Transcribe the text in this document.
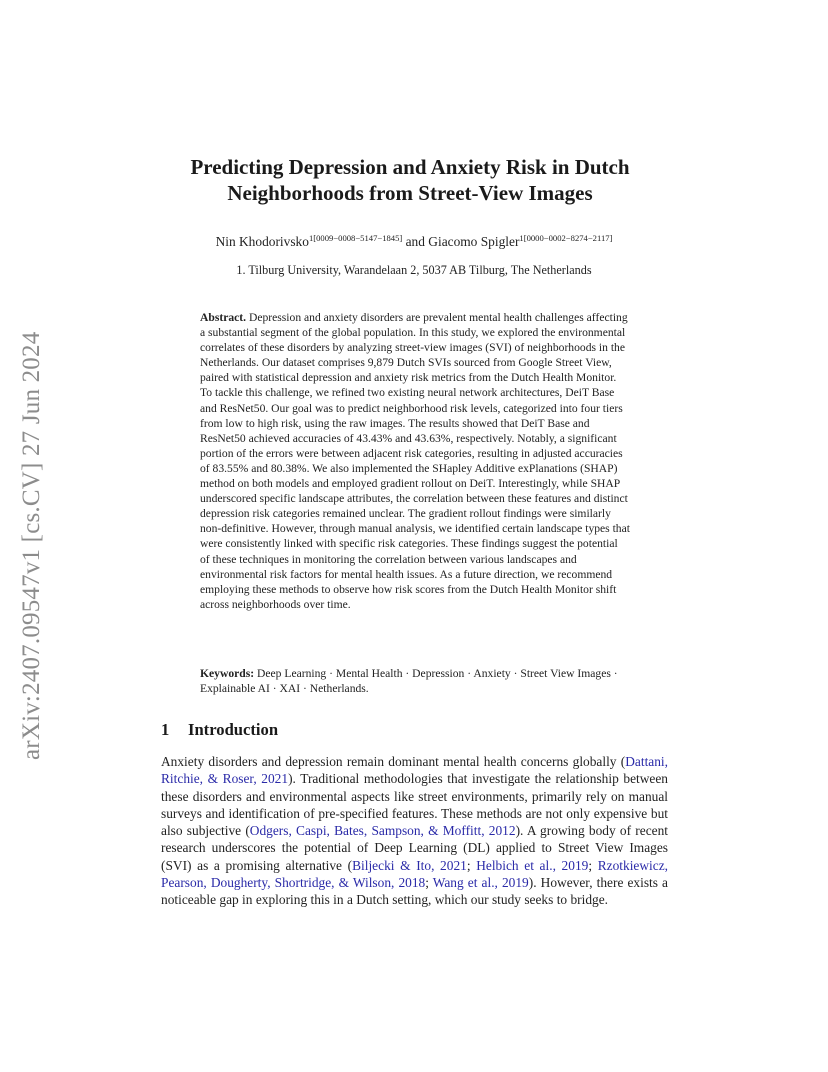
arXiv:2407.09547v1 [cs.CV] 27 Jun 2024
Predicting Depression and Anxiety Risk in Dutch Neighborhoods from Street-View Images
Nin Khodorivsko$^{1[0009-0008-5147-1845]}$ and Giacomo Spigler$^{1[0000-0002-8274-2117]}$
1. Tilburg University, Warandelaan 2, 5037 AB Tilburg, The Netherlands

Abstract. Depression and anxiety disorders are prevalent mental health challenges affecting a substantial segment of the global population. In this study, we explored the environmental correlates of these disorders by analyzing street-view images (SVI) of neighborhoods in the Netherlands. Our dataset comprises 9,879 Dutch SVIs sourced from Google Street View, paired with statistical depression and anxiety risk metrics from the Dutch Health Monitor.

To tackle this challenge, we refined two existing neural network architectures, DeiT Base and ResNet50. Our goal was to predict neighborhood risk levels, categorized into four tiers from low to high risk, using the raw images. The results showed that DeiT Base and ResNet50 achieved accuracies of 43.43% and 43.63%, respectively. Notably, a significant portion of the errors were between adjacent risk categories, resulting in adjusted accuracies of 83.55% and 80.38%. We also implemented the SHapley Additive exPlanations (SHAP) method on both models and employed gradient rollout on DeiT. Interestingly, while SHAP underscored specific landscape attributes, the correlation between these features and distinct depression risk categories remained unclear. The gradient rollout findings were similarly non-definitive. However, through manual analysis, we identified certain landscape types that were consistently linked with specific risk categories. These findings suggest the potential of these techniques in monitoring the correlation between various landscapes and environmental risk factors for mental health issues. As a future direction, we recommend employing these methods to observe how risk scores from the Dutch Health Monitor shift across neighborhoods over time.

Keywords: Deep Learning · Mental Health · Depression · Anxiety · Street View Images · Explainable AI · XAI · Netherlands.
1 Introduction

Anxiety disorders and depression remain dominant mental health concerns globally (Dattani, Ritchie, & Roser, 2021). Traditional methodologies that investigate the relationship between these disorders and environmental aspects like street environments, primarily rely on manual surveys and identification of pre-specified features. These methods are not only expensive but also subjective (Odgers, Caspi, Bates, Sampson, & Moffitt, 2012). A growing body of recent research underscores the potential of Deep Learning (DL) applied to Street View Images (SVI) as a promising alternative (Biljecki & Ito, 2021; Helbich et al., 2019; Rzotkiewicz, Pearson, Dougherty, Shortridge, & Wilson, 2018; Wang et al., 2019). However, there exists a noticeable gap in exploring this in a Dutch setting, which our study seeks to bridge.
